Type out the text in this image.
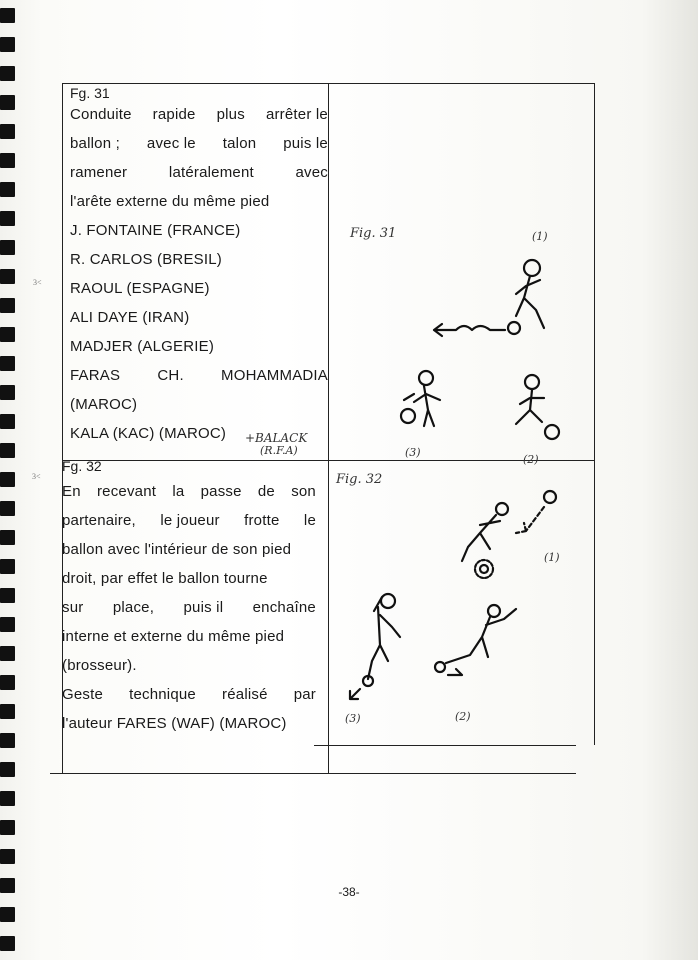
3<
3<
Fg. 31
Conduite rapide plus arrêter le
ballon ; avec le talon puis le
ramener	latéralement	avec
l'arête externe du même pied
J. FONTAINE (FRANCE)
R. CARLOS (BRESIL)
RAOUL (ESPAGNE)
ALI DAYE (IRAN)
MADJER (ALGERIE)
FARAS CH. MOHAMMADIA
(MAROC)
KALA (KAC) (MAROC)	+BALACK
(R.F.A)
Fg. 32
En recevant la passe de son
partenaire, le joueur frotte le
ballon avec l'intérieur de son pied
droit, par effet le ballon tourne
sur place, puis il enchaîne
interne et externe du même pied
(brosseur).
Geste technique réalisé par
l'auteur FARES (WAF) (MAROC)
Fig. 31	(1)
(3)
(2)
Fig. 32
(1)
(3)	(2)
-38-
